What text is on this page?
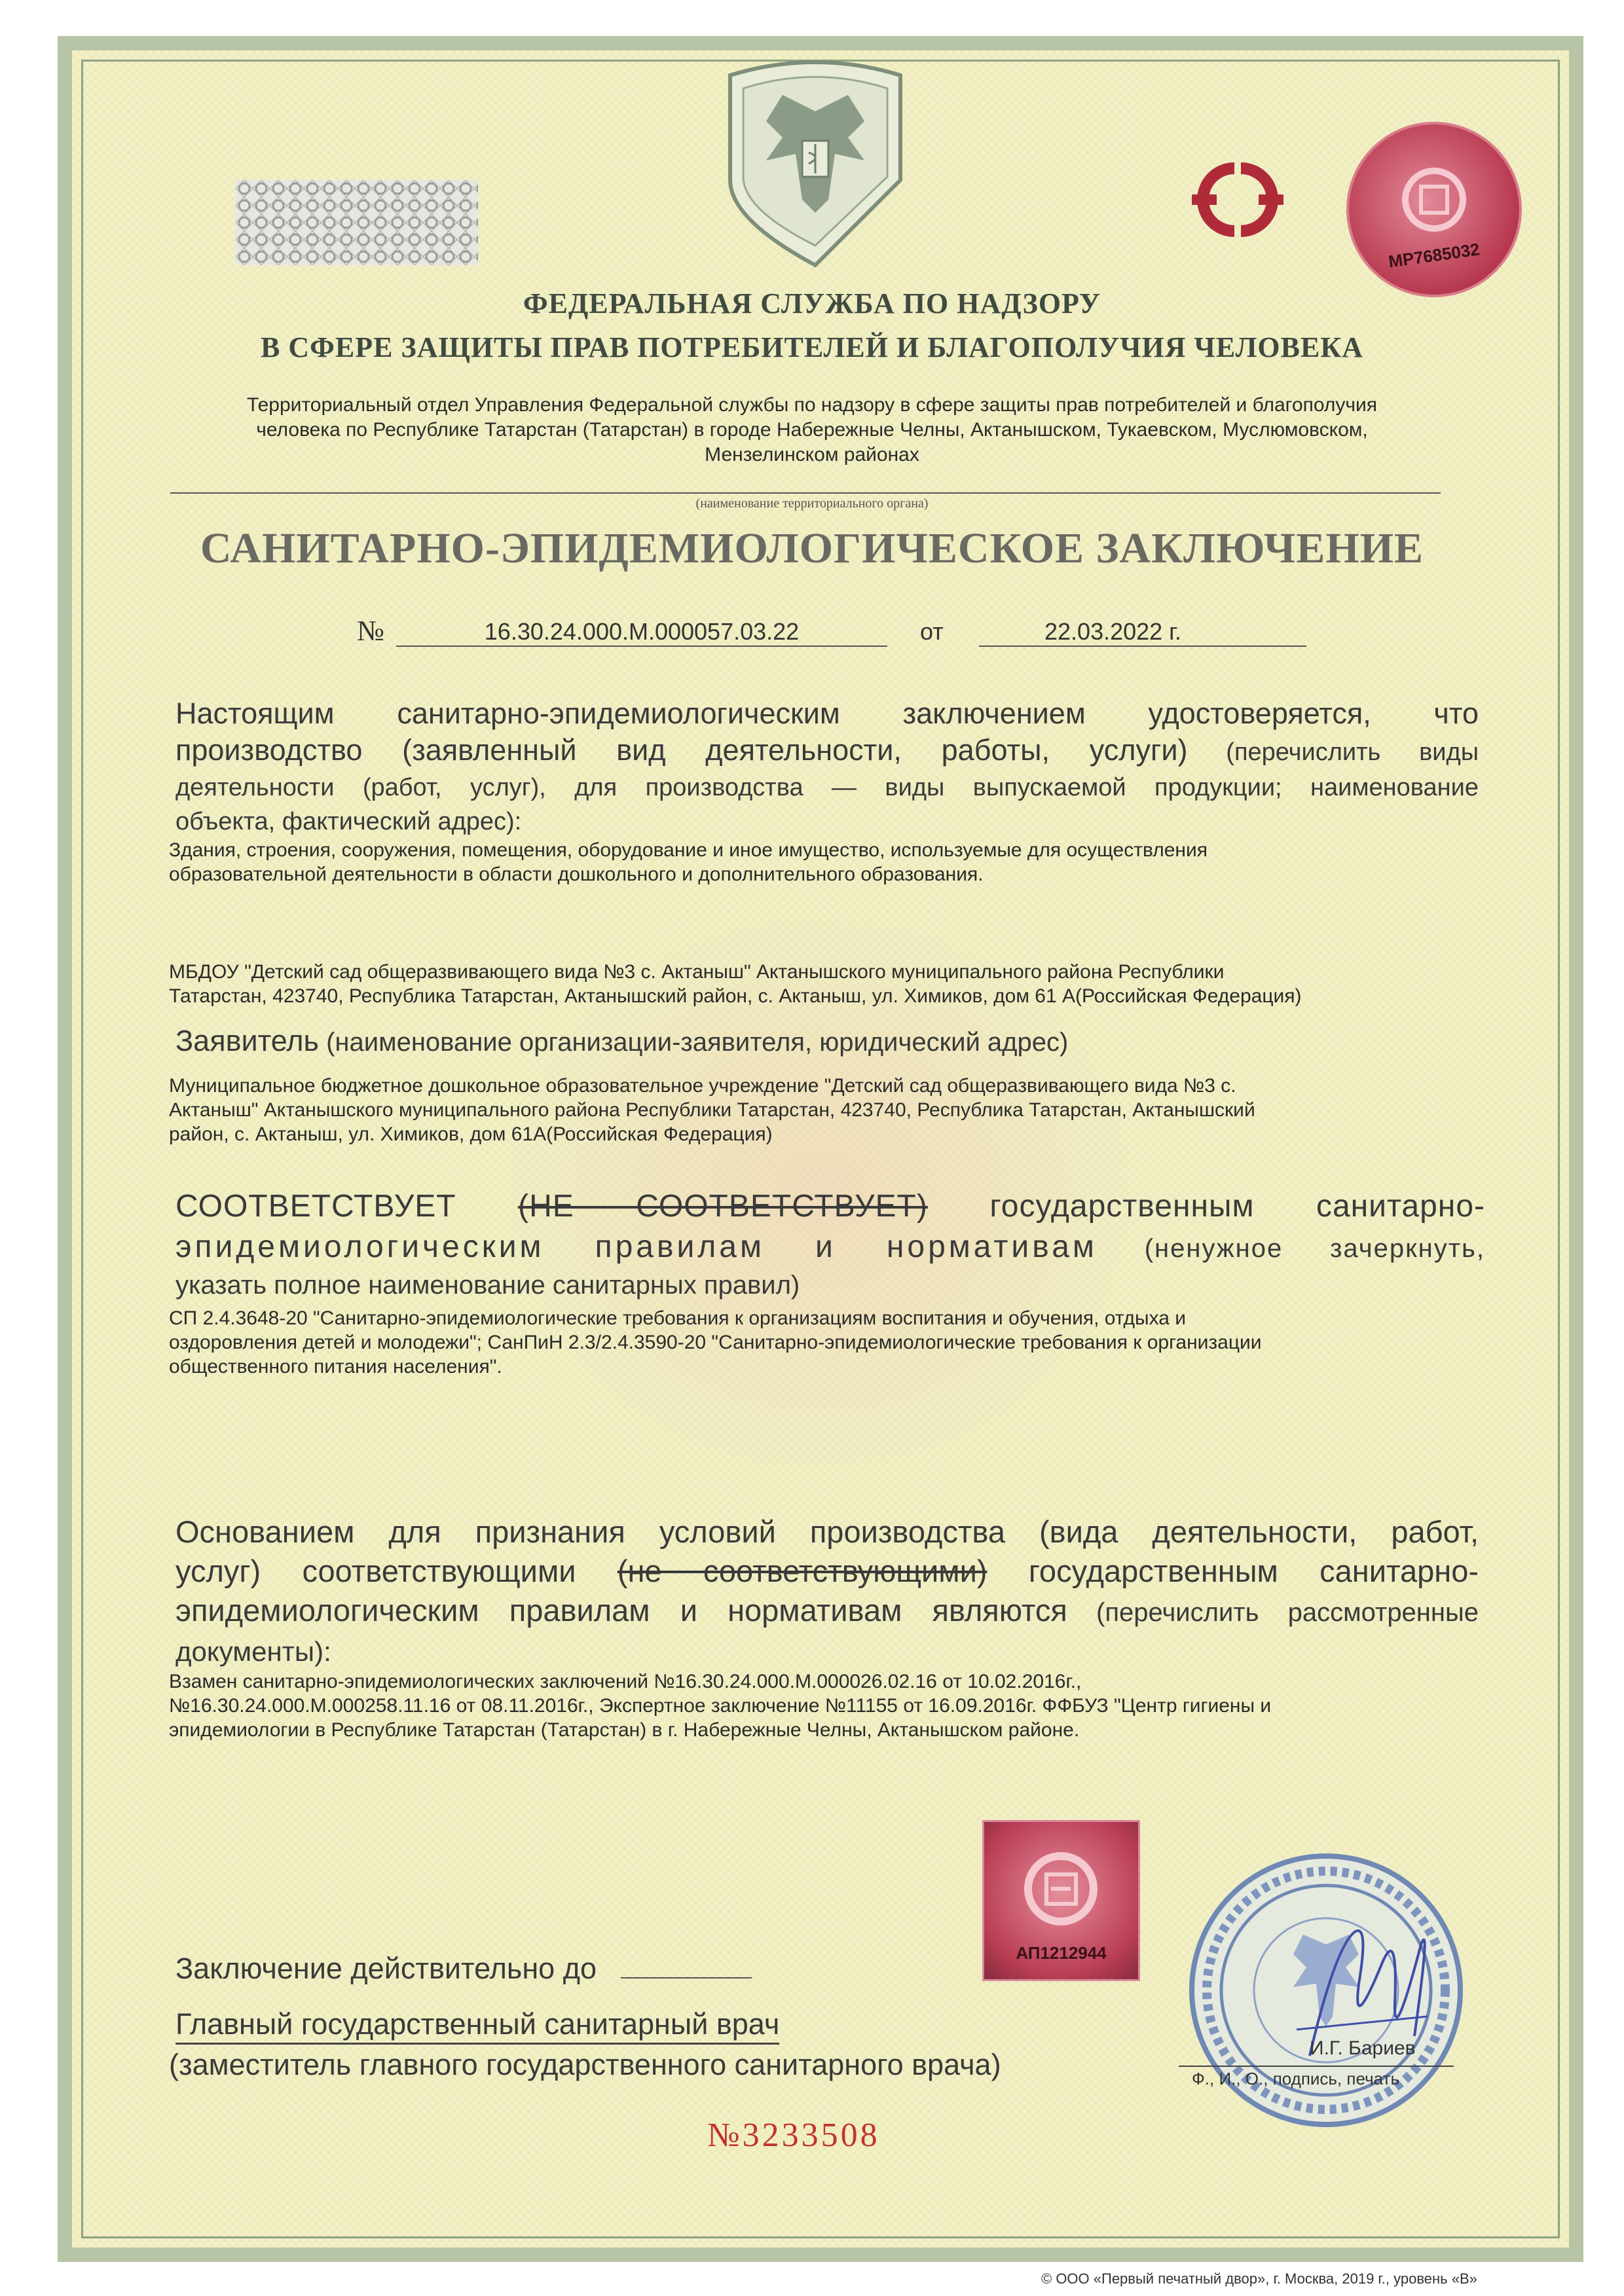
МР7685032
ФЕДЕРАЛЬНАЯ СЛУЖБА ПО НАДЗОРУ
В СФЕРЕ ЗАЩИТЫ ПРАВ ПОТРЕБИТЕЛЕЙ И БЛАГОПОЛУЧИЯ ЧЕЛОВЕКА
Территориальный отдел Управления Федеральной службы по надзору в сфере защиты прав потребителей и благополучия
человека по Республике Татарстан (Татарстан) в городе Набережные Челны, Актанышском, Тукаевском, Муслюмовском,
Мензелинском районах
(наименование территориального органа)
САНИТАРНО-ЭПИДЕМИОЛОГИЧЕСКОЕ ЗАКЛЮЧЕНИЕ
№	16.30.24.000.М.000057.03.22	от	22.03.2022 г.
Настоящим санитарно-эпидемиологическим заключением удостоверяется, что
производство (заявленный вид деятельности, работы, услуги) (перечислить виды
деятельности (работ, услуг), для производства — виды выпускаемой продукции; наименование
объекта, фактический адрес):
Здания, строения, сооружения, помещения, оборудование и иное имущество, используемые для осуществления
образовательной деятельности в области дошкольного и дополнительного образования.
МБДОУ "Детский сад общеразвивающего вида №3 с. Актаныш" Актанышского муниципального района Республики
Татарстан, 423740, Республика Татарстан, Актанышский район, с. Актаныш, ул. Химиков, дом 61 А(Российская Федерация)
Заявитель (наименование организации-заявителя, юридический адрес)
Муниципальное бюджетное дошкольное образовательное учреждение "Детский сад общеразвивающего вида №3 с.
Актаныш" Актанышского муниципального района Республики Татарстан, 423740, Республика Татарстан, Актанышский
район, с. Актаныш, ул. Химиков, дом 61А(Российская Федерация)
СООТВЕТСТВУЕТ (НЕ СООТВЕТСТВУЕТ) государственным санитарно-
эпидемиологическим правилам и нормативам (ненужное зачеркнуть,
указать полное наименование санитарных правил)
СП 2.4.3648-20 "Санитарно-эпидемиологические требования к организациям воспитания и обучения, отдыха и
оздоровления детей и молодежи"; СанПиН 2.3/2.4.3590-20 "Санитарно-эпидемиологические требования к организации
общественного питания населения".
Основанием для признания условий производства (вида деятельности, работ,
услуг) соответствующими (не соответствующими) государственным санитарно-
эпидемиологическим правилам и нормативам являются (перечислить рассмотренные
документы):
Взамен санитарно-эпидемиологических заключений №16.30.24.000.М.000026.02.16 от 10.02.2016г.,
№16.30.24.000.М.000258.11.16 от 08.11.2016г., Экспертное заключение №11155 от 16.09.2016г. ФФБУЗ "Центр гигиены и
эпидемиологии в Республике Татарстан (Татарстан) в г. Набережные Челны, Актанышском районе.
АП1212944
Заключение действительно до
Главный государственный санитарный врач
(заместитель главного государственного санитарного врача)	И.Г. Бариев
Ф., И., О., подпись, печать
№3233508
© ООО «Первый печатный двор», г. Москва, 2019 г., уровень «В»
